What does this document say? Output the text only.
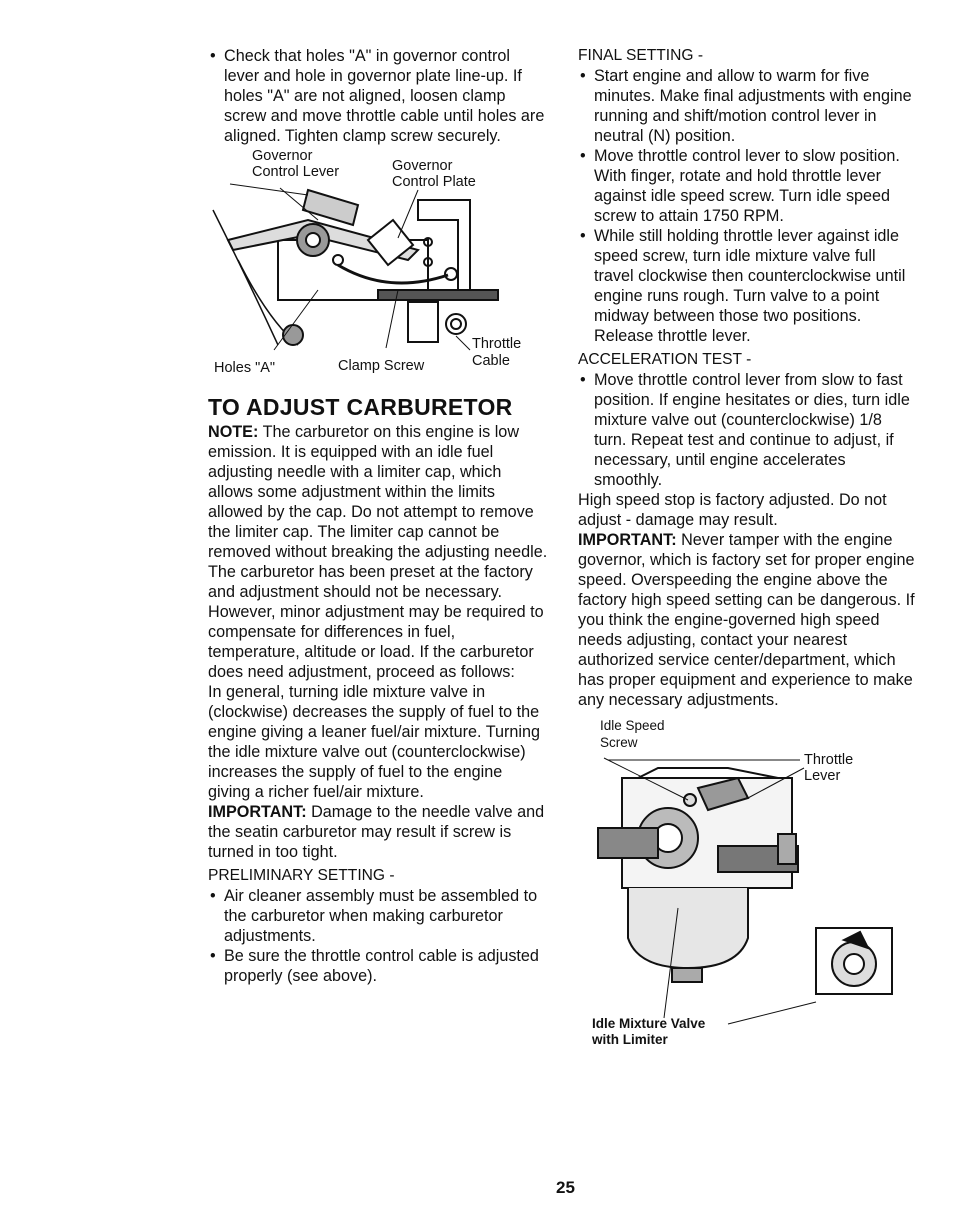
• Check that holes "A" in governor control lever and hole in governor plate line-up. If holes "A" are not aligned, loosen clamp screw and move throttle cable until holes are aligned. Tighten clamp screw securely.
Governor
Control Lever	Governor
Control Plate
Throttle
Cable
Holes "A"	Clamp Screw
TO ADJUST CARBURETOR

NOTE: The carburetor on this engine is low emission. It is equipped with an idle fuel adjusting needle with a limiter cap, which allows some adjustment within the limits allowed by the cap. Do not attempt to remove the limiter cap. The limiter cap cannot be removed without breaking the adjusting needle.

The carburetor has been preset at the factory and adjustment should not be necessary. However, minor adjustment may be required to compensate for differences in fuel, temperature, altitude or load. If the carburetor does need adjustment, proceed as follows:

In general, turning idle mixture valve in (clockwise) decreases the supply of fuel to the engine giving a leaner fuel/air mixture. Turning the idle mixture valve out (counterclockwise) increases the supply of fuel to the engine giving a richer fuel/air mixture.

IMPORTANT: Damage to the needle valve and the seatin carburetor may result if screw is turned in too tight.

PRELIMINARY SETTING -

• Air cleaner assembly must be assembled to the carburetor when making carburetor adjustments.
• Be sure the throttle control cable is adjusted properly (see above).

FINAL SETTING -

• Start engine and allow to warm for five minutes. Make final adjustments with engine running and shift/motion control lever in neutral (N) position.
• Move throttle control lever to slow position. With finger, rotate and hold throttle lever against idle speed screw. Turn idle speed screw to attain 1750 RPM.
• While still holding throttle lever against idle speed screw, turn idle mixture valve full travel clockwise then counterclockwise until engine runs rough. Turn valve to a point midway between those two positions. Release throttle lever.

ACCELERATION TEST -

• Move throttle control lever from slow to fast position. If engine hesitates or dies, turn idle mixture valve out (counterclockwise) 1/8 turn. Repeat test and continue to adjust, if necessary, until engine accelerates smoothly.

High speed stop is factory adjusted. Do not adjust - damage may result.

IMPORTANT: Never tamper with the engine governor, which is factory set for proper engine speed. Overspeeding the engine above the factory high speed setting can be dangerous. If you think the engine-governed high speed needs adjusting, contact your nearest authorized service center/department, which has proper equipment and experience to make any necessary adjustments.

Idle Speed
Screw
Throttle
Lever
Idle Mixture Valve
with Limiter
25
